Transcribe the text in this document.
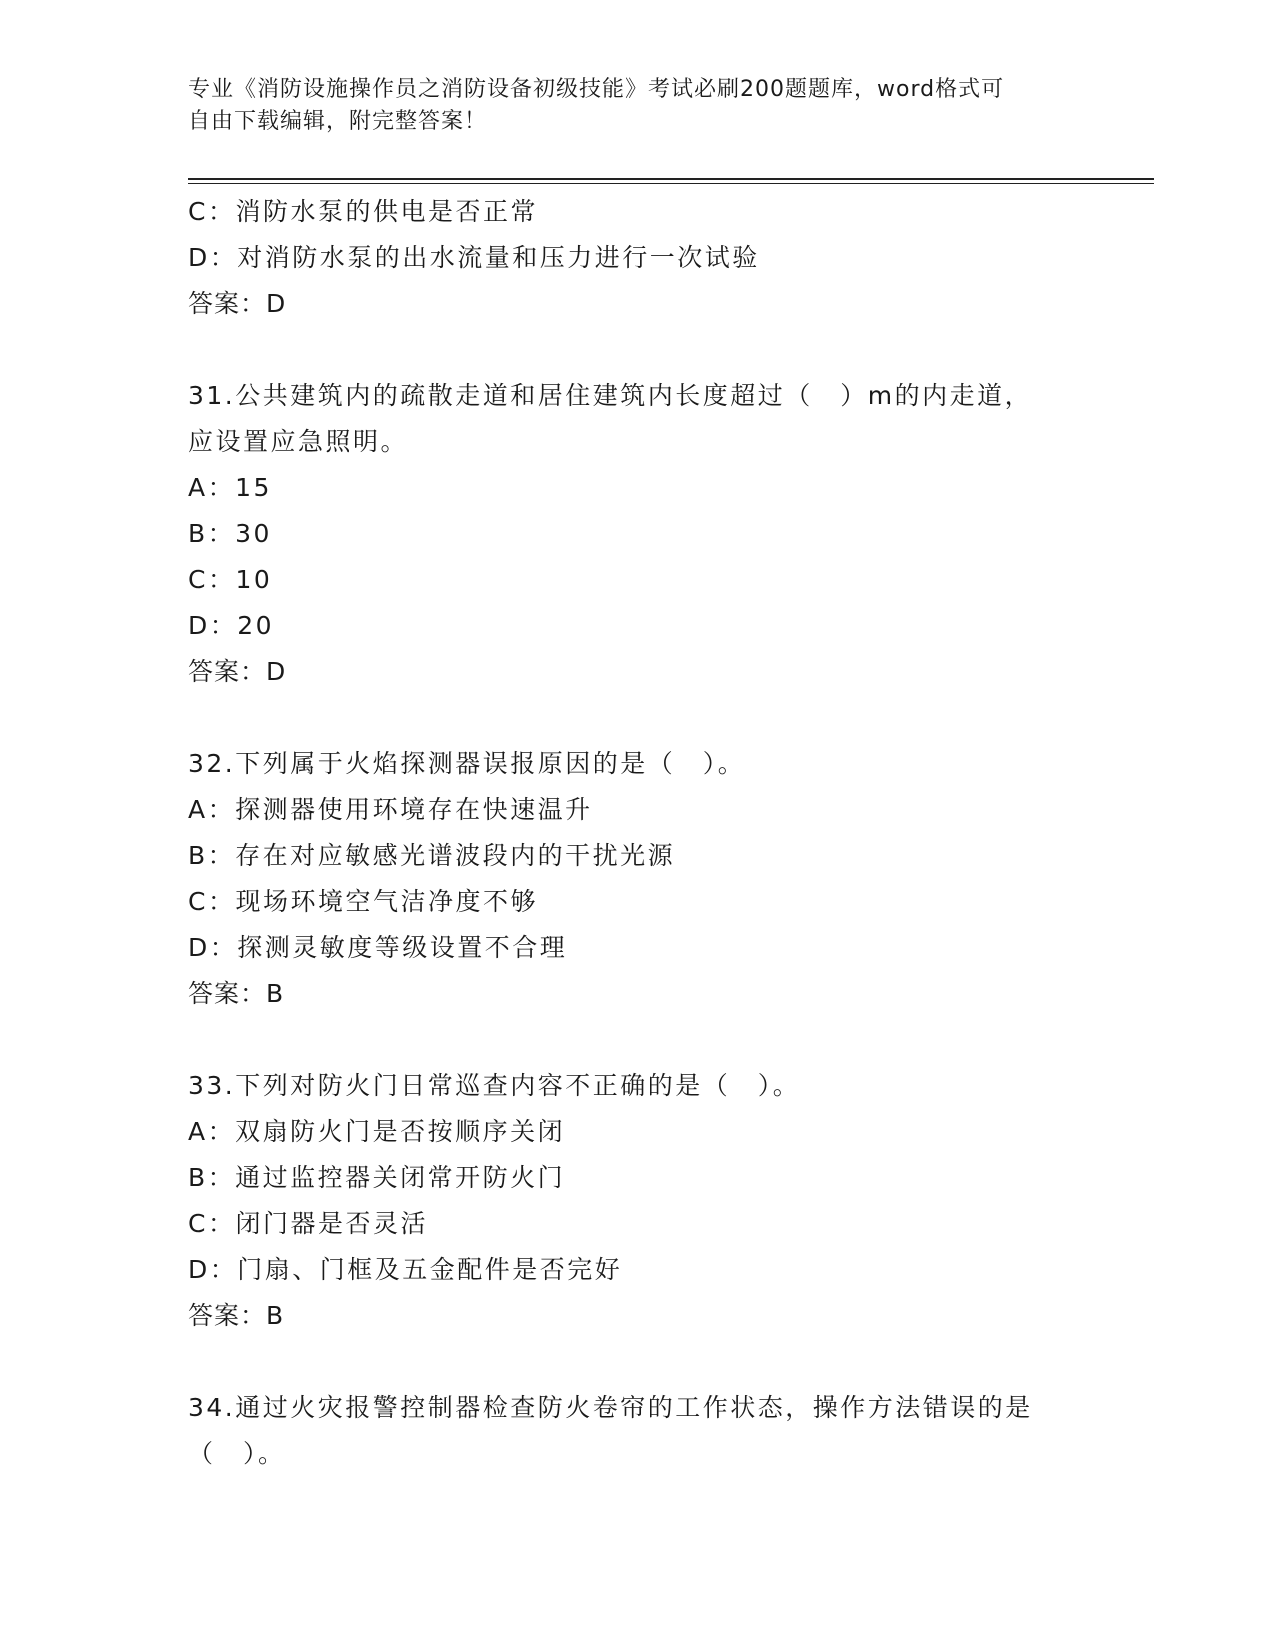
专业《消防设施操作员之消防设备初级技能》考试必刷200题题库，word格式可
自由下载编辑，附完整答案！
C：消防水泵的供电是否正常
D：对消防水泵的出水流量和压力进行一次试验
答案：D
31.公共建筑内的疏散走道和居住建筑内长度超过（　）m的内走道，
应设置应急照明。
A：15
B：30
C：10
D：20
答案：D
32.下列属于火焰探测器误报原因的是（　）。
A：探测器使用环境存在快速温升
B：存在对应敏感光谱波段内的干扰光源
C：现场环境空气洁净度不够
D：探测灵敏度等级设置不合理
答案：B
33.下列对防火门日常巡查内容不正确的是（　）。
A：双扇防火门是否按顺序关闭
B：通过监控器关闭常开防火门
C：闭门器是否灵活
D：门扇、门框及五金配件是否完好
答案：B
34.通过火灾报警控制器检查防火卷帘的工作状态，操作方法错误的是
（　）。
